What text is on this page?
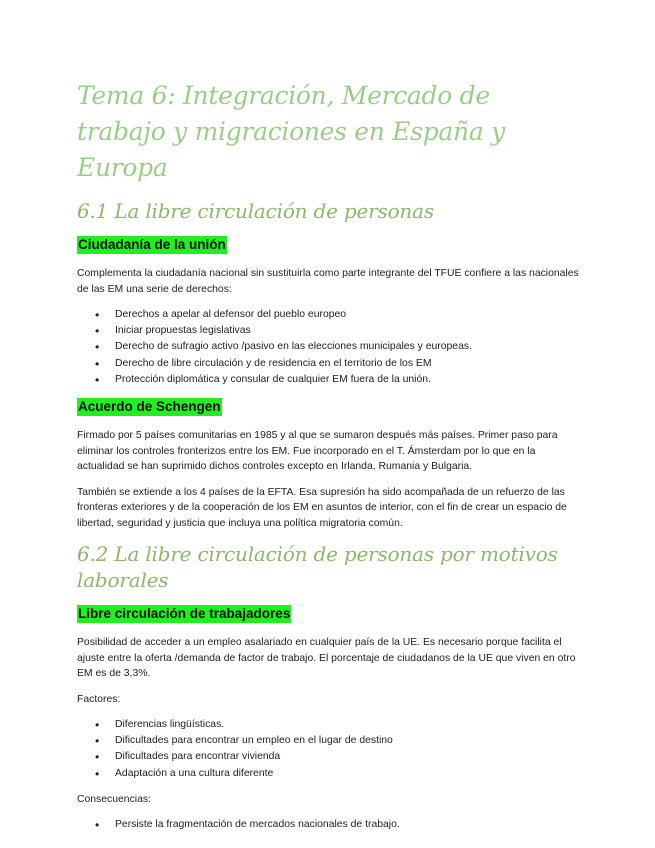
Tema 6: Integración, Mercado de trabajo y migraciones en España y Europa
6.1 La libre circulación de personas
Ciudadanía de la unión

Complementa la ciudadanía nacional sin sustituirla como parte integrante del TFUE confiere a las nacionales de las EM una serie de derechos:

• Derechos a apelar al defensor del pueblo europeo
• Iniciar propuestas legislativas
• Derecho de sufragio activo /pasivo en las elecciones municipales y europeas.
• Derecho de libre circulación y de residencia en el territorio de los EM
• Protección diplomática y consular de cualquier EM fuera de la unión.
Acuerdo de Schengen

Firmado por 5 países comunitarias en 1985 y al que se sumaron después más países. Primer paso para eliminar los controles fronterizos entre los EM. Fue incorporado en el T. Ámsterdam por lo que en la actualidad se han suprimido dichos controles excepto en Irlanda, Rumania y Bulgaria.

También se extiende a los 4 países de la EFTA. Esa supresión ha sido acompañada de un refuerzo de las fronteras exteriores y de la cooperación de los EM en asuntos de interior, con el fin de crear un espacio de libertad, seguridad y justicia que incluya una política migratoria común.

6.2 La libre circulación de personas por motivos laborales
Libre circulación de trabajadores

Posibilidad de acceder a un empleo asalariado en cualquier país de la UE. Es necesario porque facilita el ajuste entre la oferta /demanda de factor de trabajo. El porcentaje de ciudadanos de la UE que viven en otro EM es de 3,3%.

Factores:

• Diferencias lingüísticas.
• Dificultades para encontrar un empleo en el lugar de destino
• Dificultades para encontrar vivienda
• Adaptación a una cultura diferente

Consecuencias:

• Persiste la fragmentación de mercados nacionales de trabajo.
